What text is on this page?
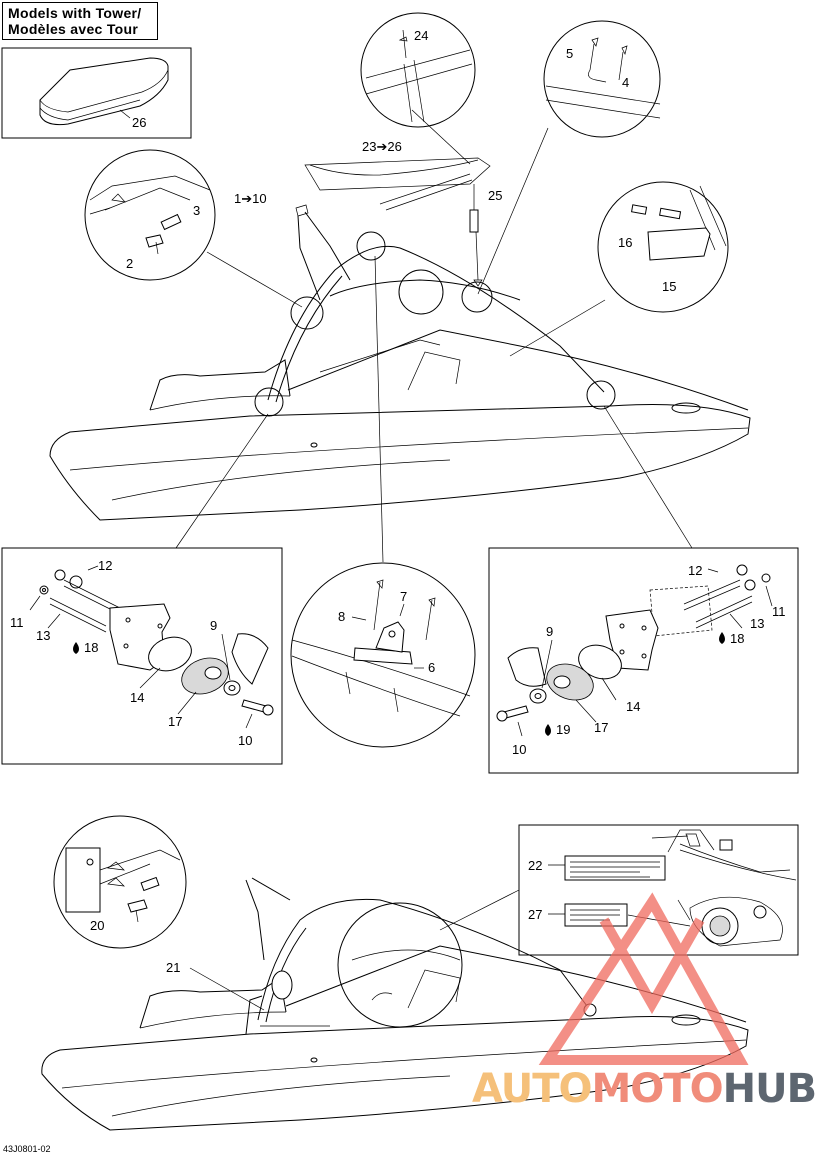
26
24
5
4
23➔26
1➔10	25
3
2
16
15
12
11
13
18
9
14
17
10
7
8
6
12
11
13
18
9
14
17
10
19
20
21
22
27
Models with Tower/
Modèles avec Tour
AUTOMOTOHUB
43J0801-02
